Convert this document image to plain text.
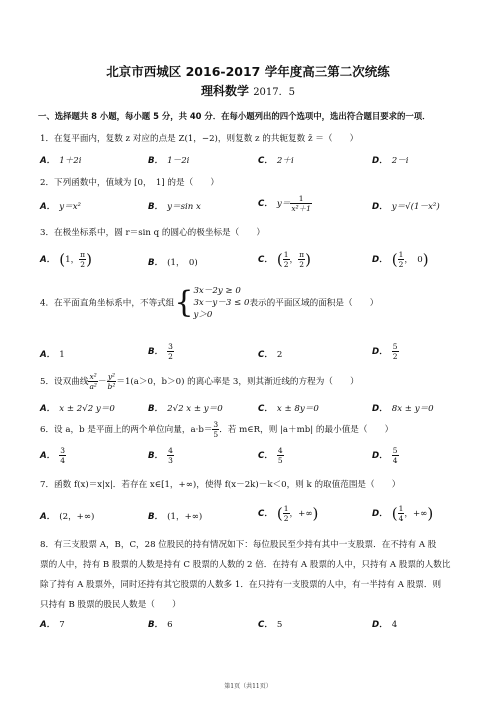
北京市西城区 2016-2017 学年度高三第二次统练
理科数学 2017．5
一、选择题共 8 小题，每小题 5 分，共 40 分．在每小题列出的四个选项中，选出符合题目要求的一项．
1．在复平面内，复数 z 对应的点是 Z(1，−2)，则复数 z 的共轭复数 z̄ ＝（　　）
A． 1＋2i	B． 1－2i	C． 2＋i	D． 2－i
2．下列函数中，值域为 [0，　1] 的是（　　）
A． y＝x²	B． y＝sin x	C． $y= \frac{1}{\text{x²＋1}}$	D． y＝√(1－x²)
3．在极坐标系中，圆 r＝sin q 的圆心的极坐标是（　　）
A． (1， $\frac{\pi}{2}$ )	B． (1，　0)	C． ( $\frac{1}{2}$ ， $\frac{\pi}{2}$ )	D． ( $\frac{1}{2}$ ，　0)
4．在平面直角坐标系中，不等式组{ 3x－2y ≥ 0
3x－y－3 ≤ 0
y＞0
表示的平面区域的面积是（　　）
A． 1	B． $\frac{3}{2}$	C． 2	D． $\frac{5}{2}$
5．设双曲线 $\frac{\text{x²}}{\text{a²}} - \frac{\text{y²}}{\text{b²}} =1(a>0$，b＞0) 的离心率是 3，则其渐近线的方程为（　　）
A． x ± 2√2 y＝0	B． 2√2 x ± y＝0	C． x ± 8y＝0	D． 8x ± y＝0
6．设 a，b 是平面上的两个单位向量，$a\cdot b= \frac{3}{5}$ ．若 m∈R，则 |a＋mb| 的最小值是（　　）
A． $\frac{3}{4}$	B． $\frac{4}{3}$	C． $\frac{4}{5}$	D． $\frac{5}{4}$
7．函数 f(x)＝x|x|．若存在 x∈[1，+∞)，使得 f(x－2k)－k＜0，则 k 的取值范围是（　　）
A． (2，+∞)	B． (1，+∞)	C． ( $\frac{1}{2}$ ，+∞)	D． ( $\frac{1}{4}$ ，+∞)
8．有三支股票 A，B，C，28 位股民的持有情况如下：每位股民至少持有其中一支股票．在不持有 A 股
票的人中，持有 B 股票的人数是持有 C 股票的人数的 2 倍．在持有 A 股票的人中，只持有 A 股票的人数比
除了持有 A 股票外，同时还持有其它股票的人数多 1．在只持有一支股票的人中，有一半持有 A 股票．则
只持有 B 股票的股民人数是（　　）
A． 7	B． 6	C． 5	D． 4
第1页（共11页）
